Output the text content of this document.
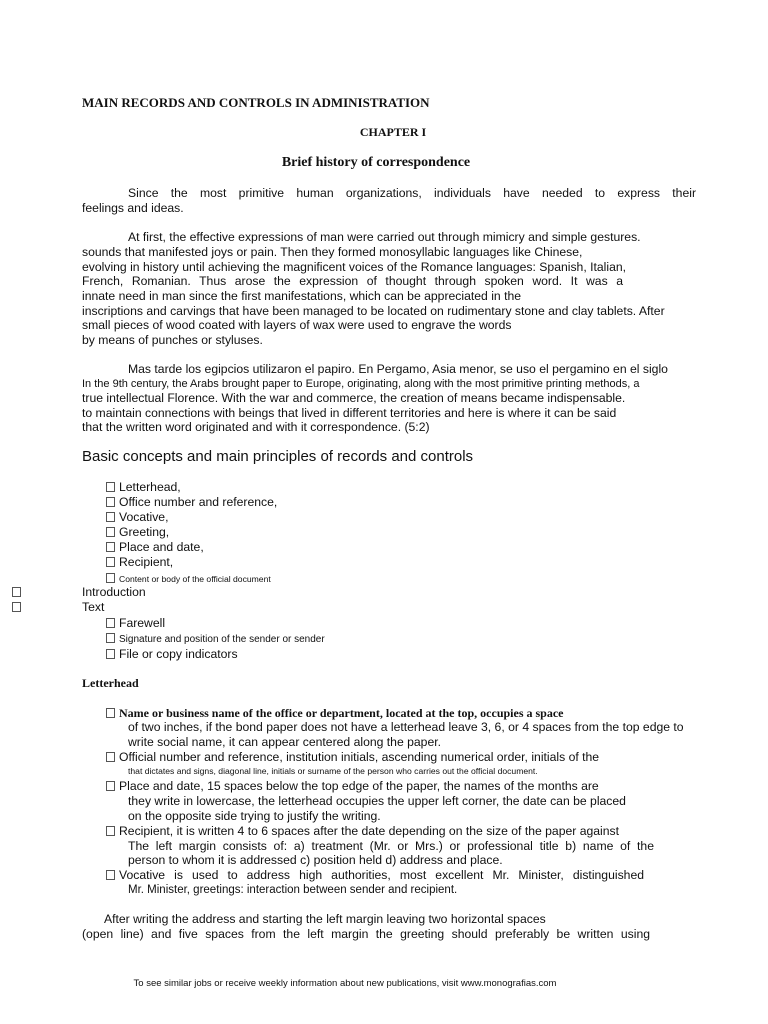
MAIN RECORDS AND CONTROLS IN ADMINISTRATION
CHAPTER I
Brief history of correspondence
Since the most primitive human organizations, individuals have needed to express their
feelings and ideas.
At first, the effective expressions of man were carried out through mimicry and simple gestures.
sounds that manifested joys or pain. Then they formed monosyllabic languages like Chinese,
evolving in history until achieving the magnificent voices of the Romance languages: Spanish, Italian,
French, Romanian. Thus arose the expression of thought through spoken word. It was a
innate need in man since the first manifestations, which can be appreciated in the
inscriptions and carvings that have been managed to be located on rudimentary stone and clay tablets. After
small pieces of wood coated with layers of wax were used to engrave the words
by means of punches or styluses.
Mas tarde los egipcios utilizaron el papiro. En Pergamo, Asia menor, se uso el pergamino en el siglo
In the 9th century, the Arabs brought paper to Europe, originating, along with the most primitive printing methods, a
true intellectual Florence. With the war and commerce, the creation of means became indispensable.
to maintain connections with beings that lived in different territories and here is where it can be said
that the written word originated and with it correspondence. (5:2)
Basic concepts and main principles of records and controls
Letterhead,
Office number and reference,
Vocative,
Greeting,
Place and date,
Recipient,
Content or body of the official document
Introduction
Text
Farewell
Signature and position of the sender or sender
File or copy indicators
Letterhead
Name or business name of the office or department, located at the top, occupies a space
of two inches, if the bond paper does not have a letterhead leave 3, 6, or 4 spaces from the top edge to
write social name, it can appear centered along the paper.
Official number and reference, institution initials, ascending numerical order, initials of the
that dictates and signs, diagonal line, initials or surname of the person who carries out the official document.
Place and date, 15 spaces below the top edge of the paper, the names of the months are
they write in lowercase, the letterhead occupies the upper left corner, the date can be placed
on the opposite side trying to justify the writing.
Recipient, it is written 4 to 6 spaces after the date depending on the size of the paper against
The left margin consists of: a) treatment (Mr. or Mrs.) or professional title b) name of the
person to whom it is addressed c) position held d) address and place.
Vocative is used to address high authorities, most excellent Mr. Minister, distinguished
Mr. Minister, greetings: interaction between sender and recipient.
After writing the address and starting the left margin leaving two horizontal spaces
(open line) and five spaces from the left margin the greeting should preferably be written using
To see similar jobs or receive weekly information about new publications, visit www.monografias.com
